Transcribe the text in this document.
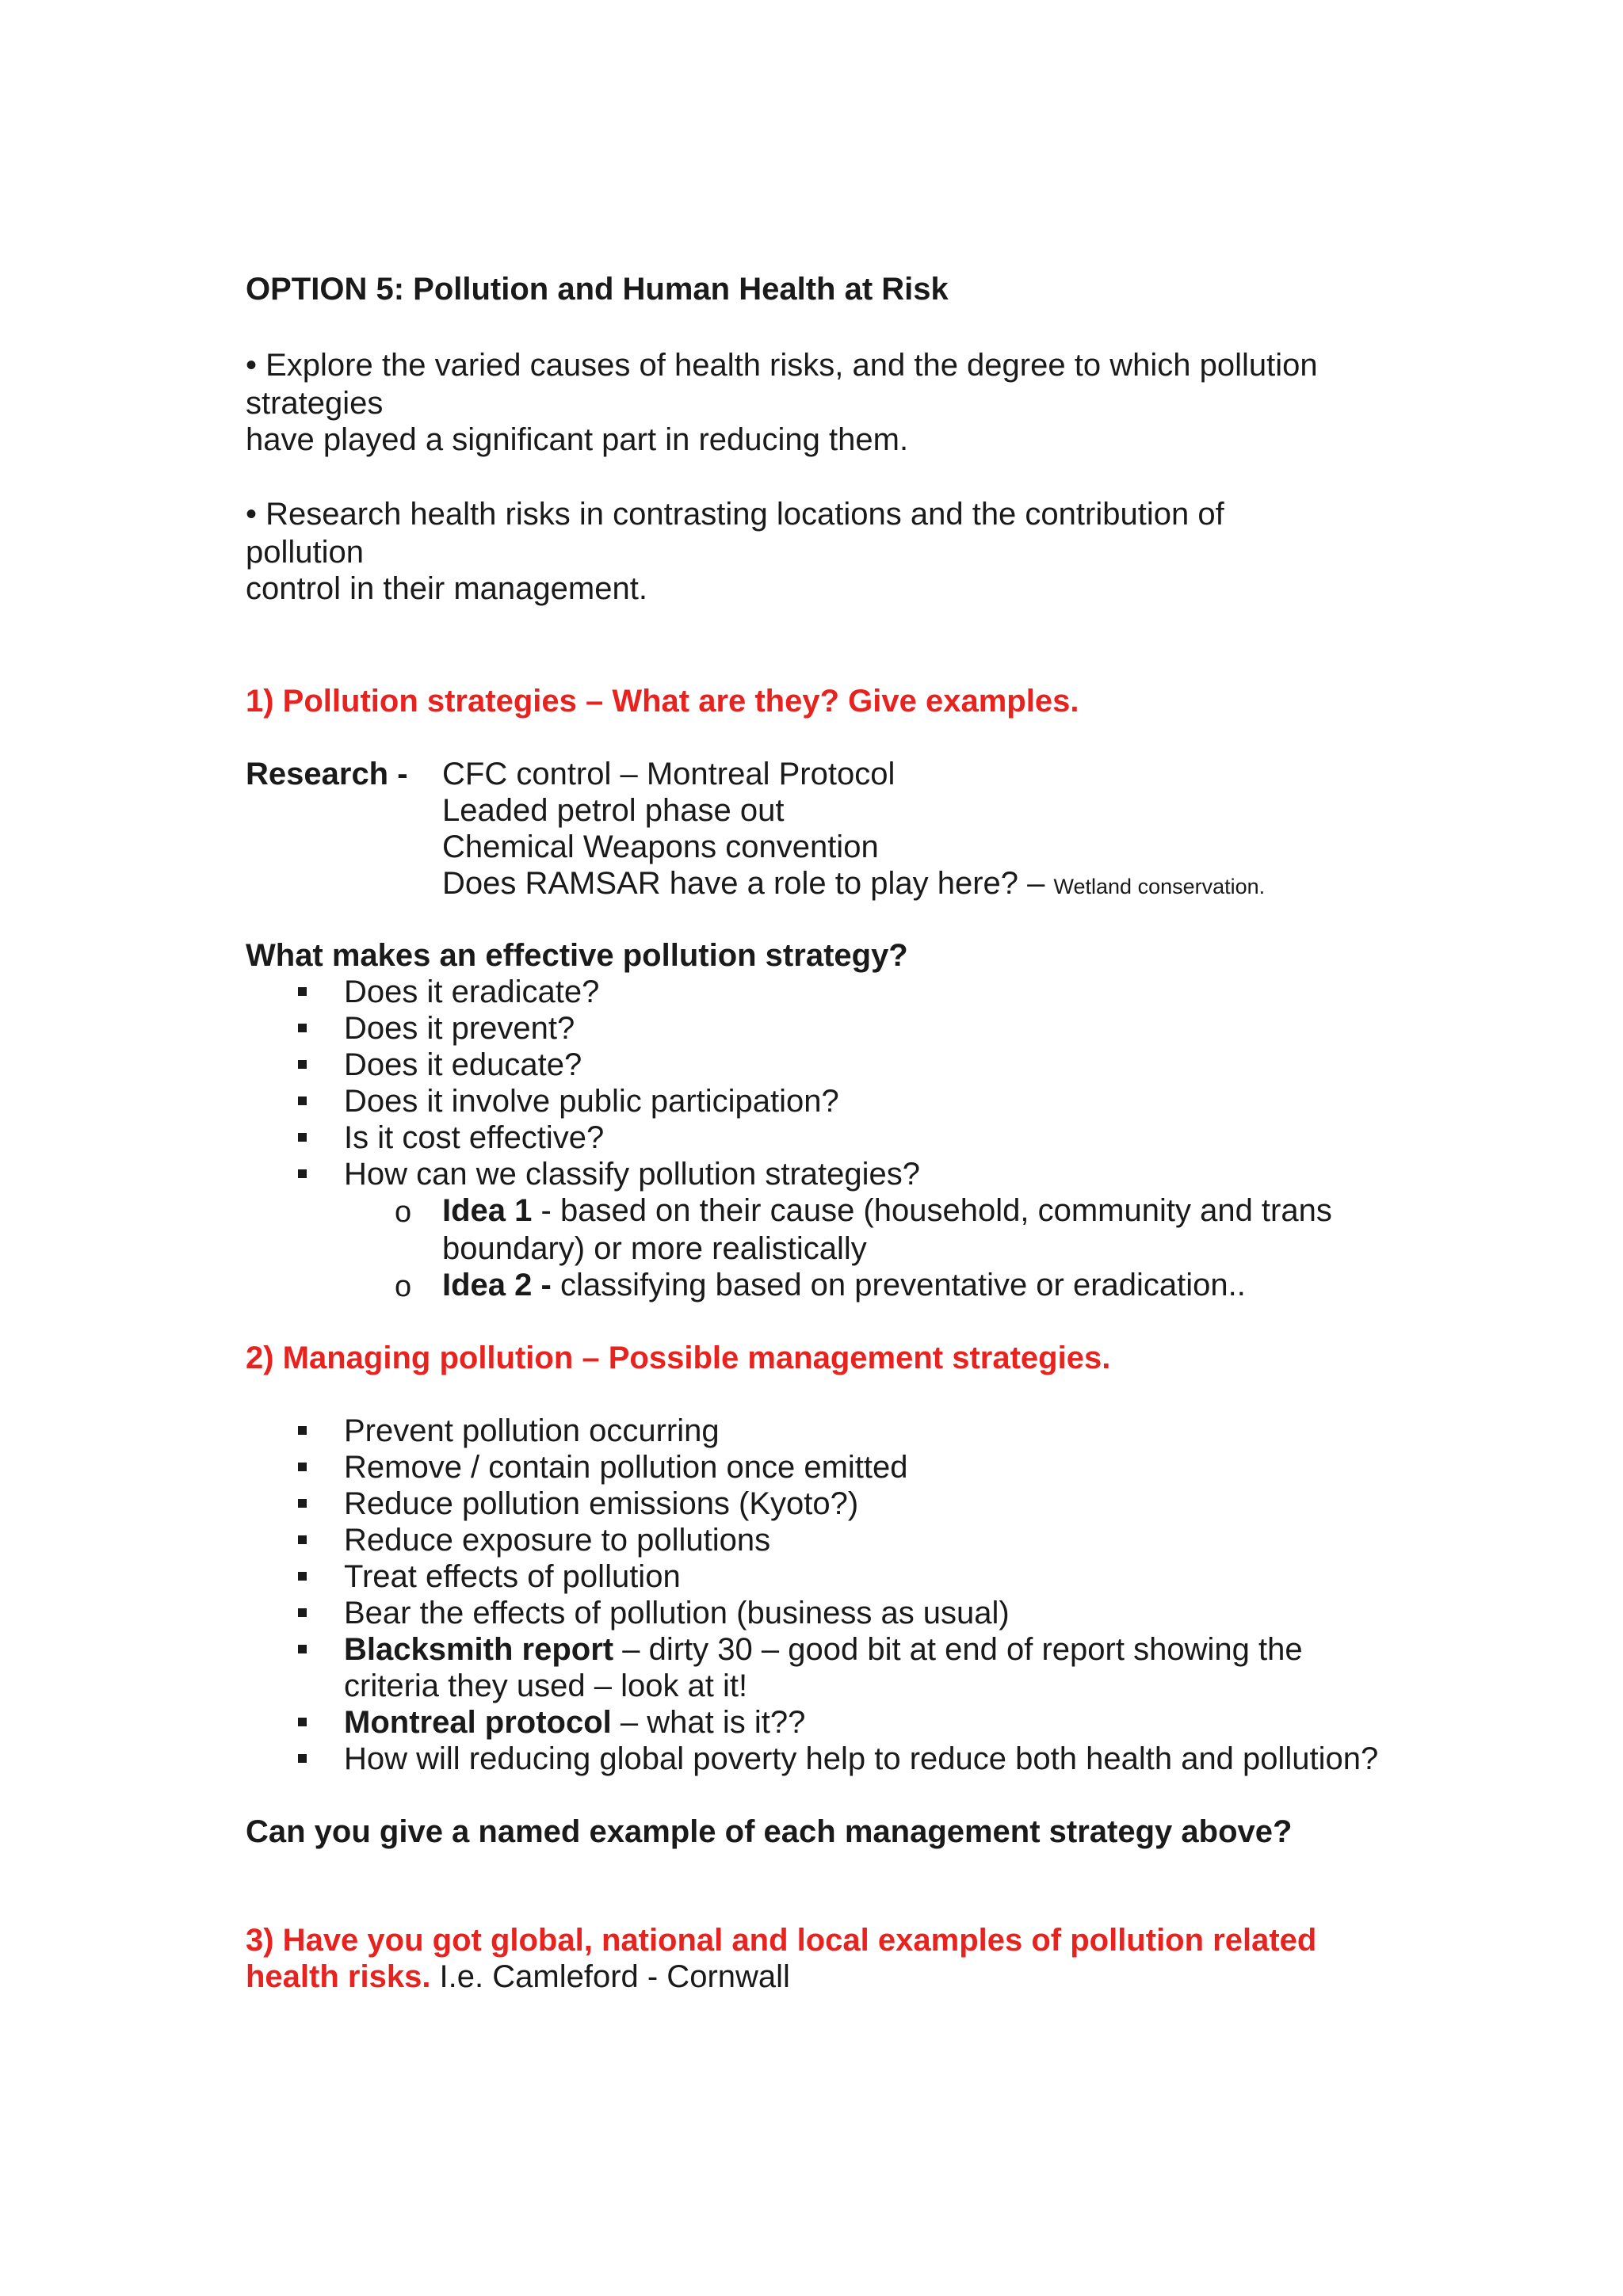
OPTION 5: Pollution and Human Health at Risk
• Explore the varied causes of health risks, and the degree to which pollution
strategies
have played a significant part in reducing them.
• Research health risks in contrasting locations and the contribution of
pollution
control in their management.
1) Pollution strategies – What are they? Give examples.
Research - CFC control – Montreal Protocol
Leaded petrol phase out
Chemical Weapons convention
Does RAMSAR have a role to play here? – Wetland conservation.
What makes an effective pollution strategy?
Does it eradicate?
Does it prevent?
Does it educate?
Does it involve public participation?
Is it cost effective?
How can we classify pollution strategies?
o Idea 1 - based on their cause (household, community and trans
boundary) or more realistically
o Idea 2 - classifying based on preventative or eradication..
2) Managing pollution – Possible management strategies.
Prevent pollution occurring
Remove / contain pollution once emitted
Reduce pollution emissions (Kyoto?)
Reduce exposure to pollutions
Treat effects of pollution
Bear the effects of pollution (business as usual)
Blacksmith report – dirty 30 – good bit at end of report showing the
criteria they used – look at it!
Montreal protocol – what is it??
How will reducing global poverty help to reduce both health and pollution?
Can you give a named example of each management strategy above?
3) Have you got global, national and local examples of pollution related
health risks. I.e. Camleford - Cornwall
